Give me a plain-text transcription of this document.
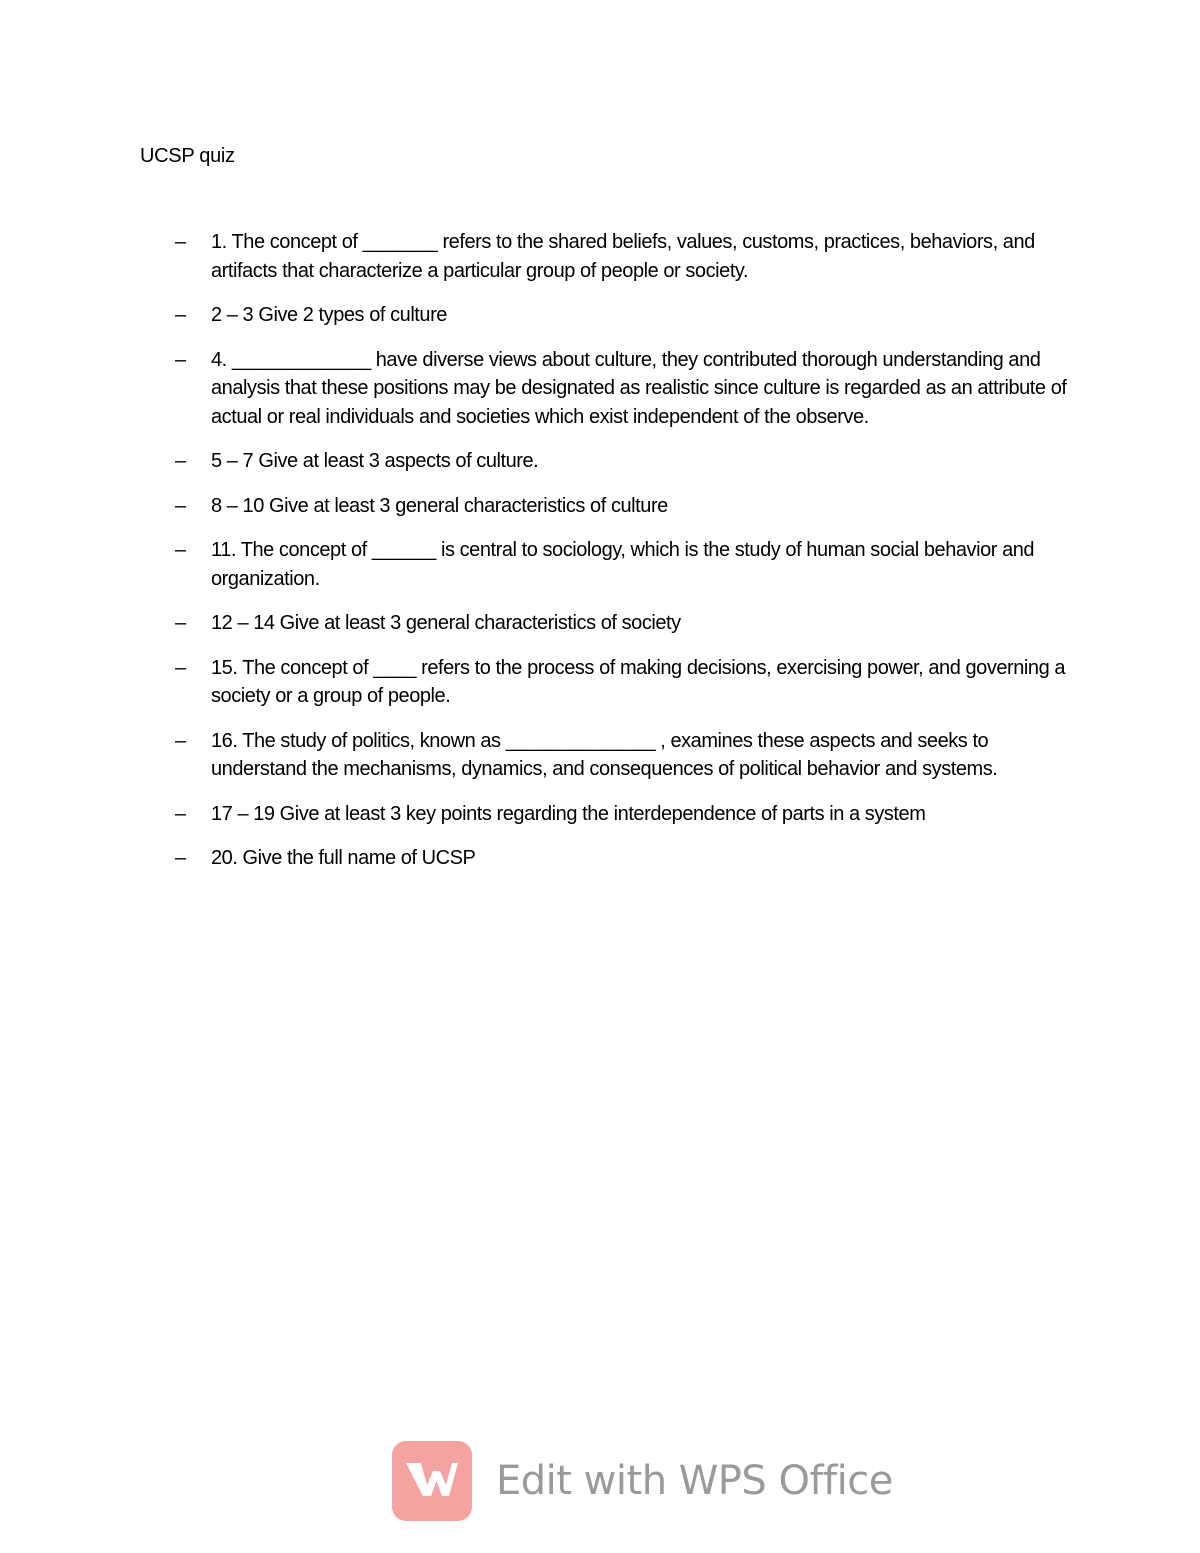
UCSP quiz
– 1. The concept of _______ refers to the shared beliefs, values, customs, practices, behaviors, and artifacts that characterize a particular group of people or society.
– 2 – 3 Give 2 types of culture
– 4. _____________ have diverse views about culture, they contributed thorough understanding and analysis that these positions may be designated as realistic since culture is regarded as an attribute of actual or real individuals and societies which exist independent of the observe.
– 5 – 7 Give at least 3 aspects of culture.
– 8 – 10 Give at least 3 general characteristics of culture
– 11. The concept of ______ is central to sociology, which is the study of human social behavior and organization.
– 12 – 14 Give at least 3 general characteristics of society
– 15. The concept of ____ refers to the process of making decisions, exercising power, and governing a society or a group of people.
– 16. The study of politics, known as ______________ , examines these aspects and seeks to understand the mechanisms, dynamics, and consequences of political behavior and systems.
– 17 – 19 Give at least 3 key points regarding the interdependence of parts in a system
– 20. Give the full name of UCSP
Edit with WPS Office
